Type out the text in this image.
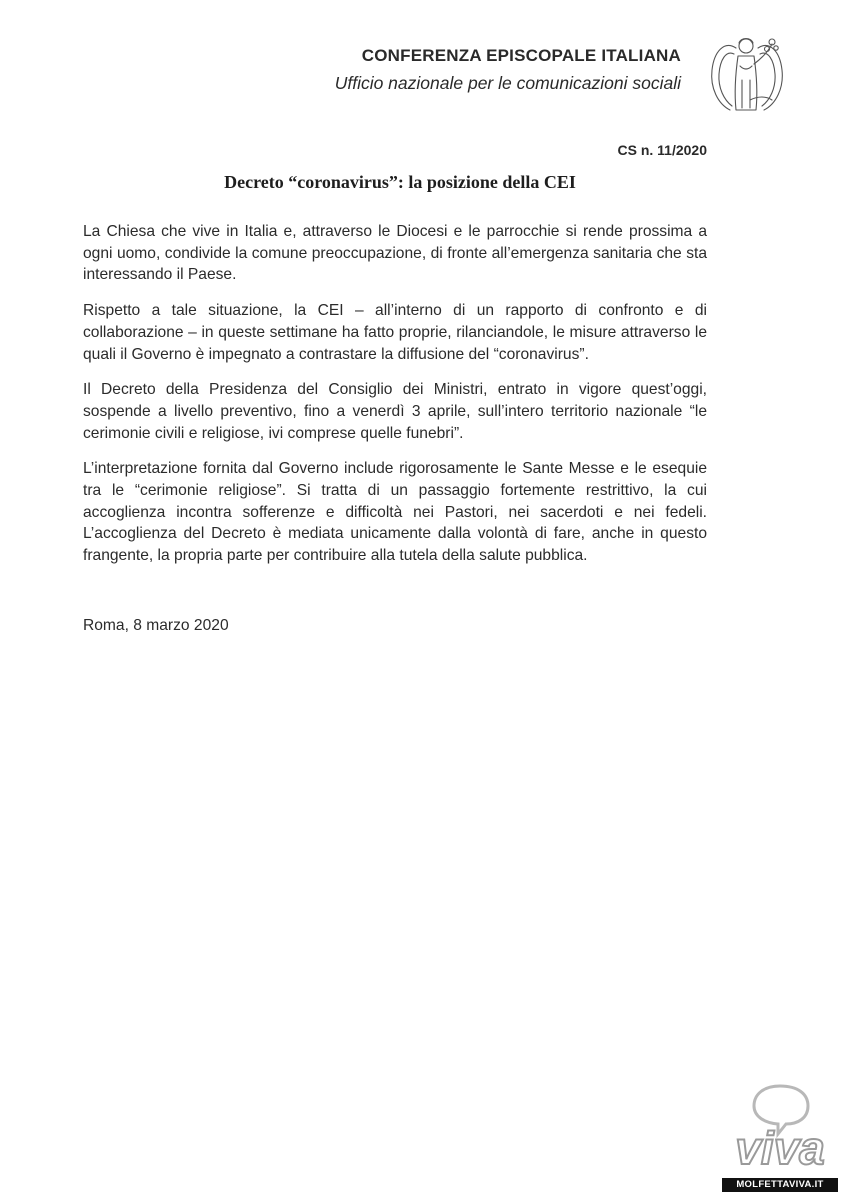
CONFERENZA EPISCOPALE ITALIANA
Ufficio nazionale per le comunicazioni sociali
CS n. 11/2020
Decreto “coronavirus”: la posizione della CEI

La Chiesa che vive in Italia e, attraverso le Diocesi e le parrocchie si rende prossima a ogni uomo, condivide la comune preoccupazione, di fronte all’emergenza sanitaria che sta interessando il Paese.

Rispetto a tale situazione, la CEI – all’interno di un rapporto di confronto e di collaborazione – in queste settimane ha fatto proprie, rilanciandole, le misure attraverso le quali il Governo è impegnato a contrastare la diffusione del “coronavirus”.

Il Decreto della Presidenza del Consiglio dei Ministri, entrato in vigore quest’oggi, sospende a livello preventivo, fino a venerdì 3 aprile, sull’intero territorio nazionale “le cerimonie civili e religiose, ivi comprese quelle funebri”.

L’interpretazione fornita dal Governo include rigorosamente le Sante Messe e le esequie tra le “cerimonie religiose”. Si tratta di un passaggio fortemente restrittivo, la cui accoglienza incontra sofferenze e difficoltà nei Pastori, nei sacerdoti e nei fedeli. L’accoglienza del Decreto è mediata unicamente dalla volontà di fare, anche in questo frangente, la propria parte per contribuire alla tutela della salute pubblica.

Roma, 8 marzo 2020
viva
MOLFETTAVIVA.IT
